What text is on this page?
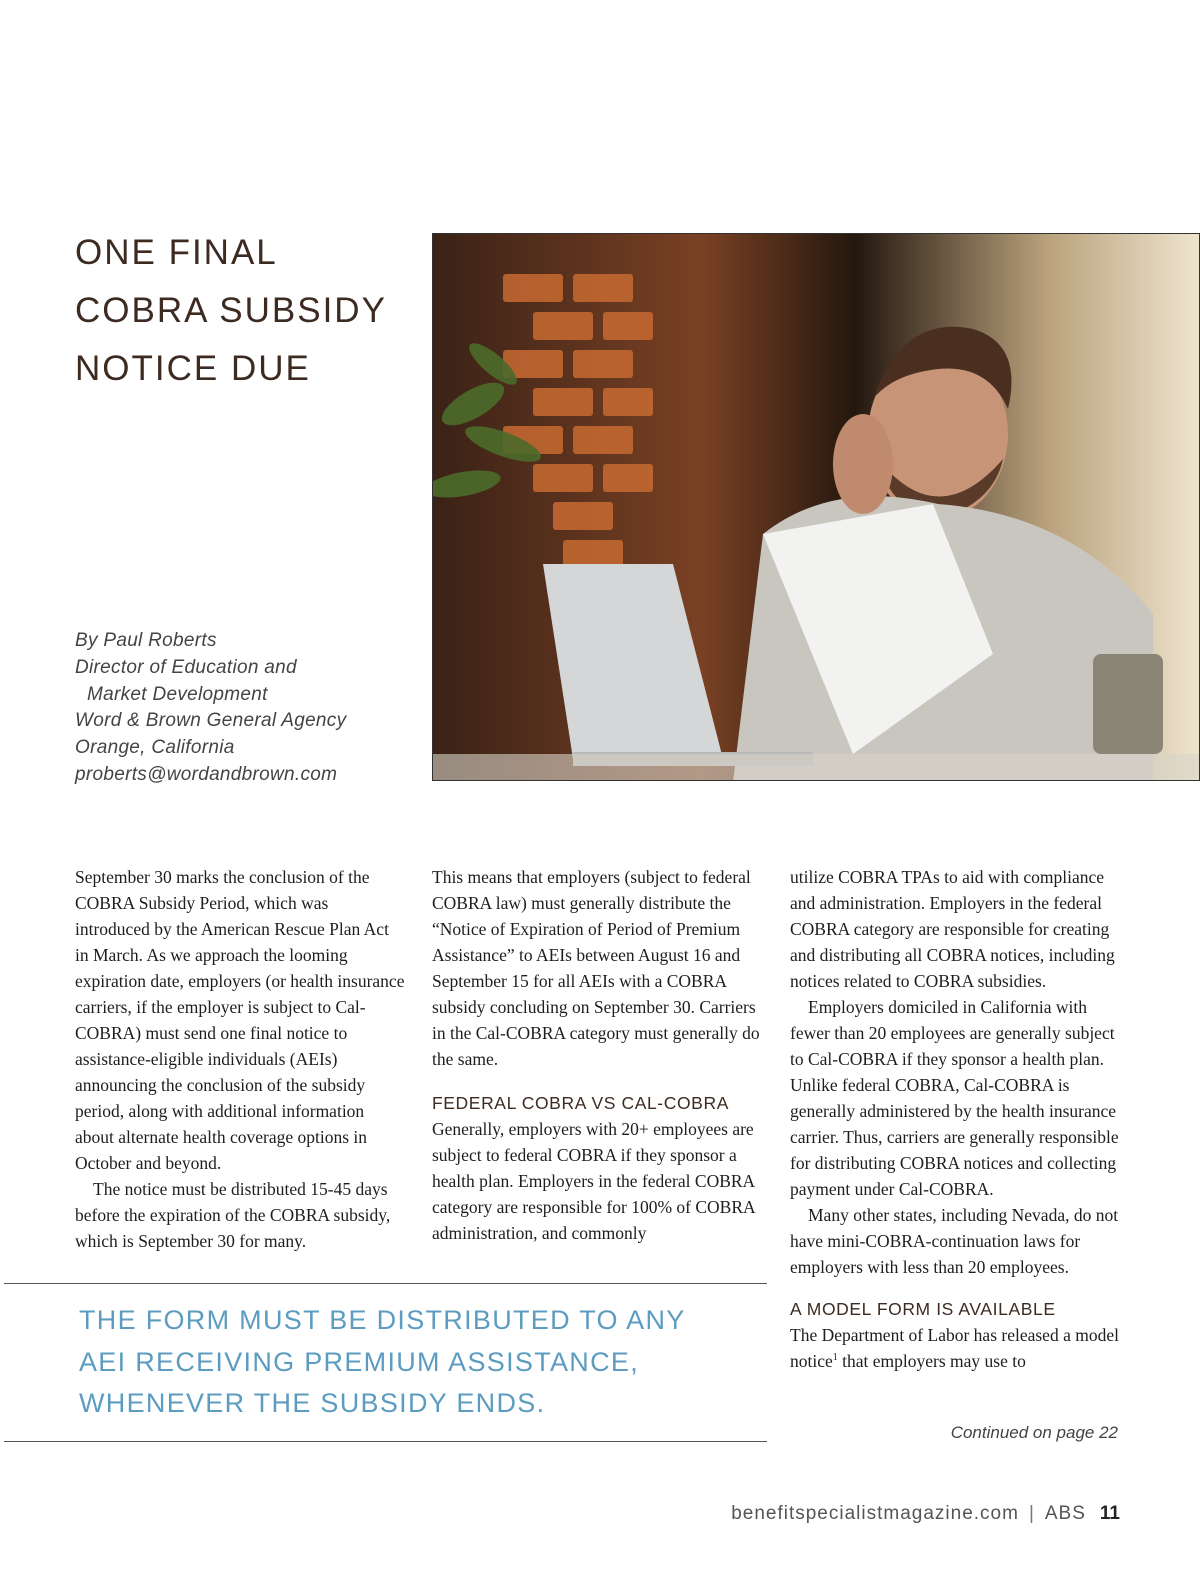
ONE FINAL
COBRA SUBSIDY
NOTICE DUE
By Paul Roberts
Director of Education and
Market Development
Word & Brown General Agency
Orange, California
proberts@wordandbrown.com

September 30 marks the conclusion of the COBRA Subsidy Period, which was introduced by the American Rescue Plan Act in March. As we approach the looming expiration date, employers (or health insurance carriers, if the employer is subject to Cal-COBRA) must send one final notice to assistance-eligible individuals (AEIs) announcing the conclusion of the subsidy period, along with additional information about alternate health coverage options in October and beyond.

The notice must be distributed 15-45 days before the expiration of the COBRA subsidy, which is September 30 for many.

This means that employers (subject to federal COBRA law) must generally distribute the “Notice of Expiration of Period of Premium Assistance” to AEIs between August 16 and September 15 for all AEIs with a COBRA subsidy concluding on September 30. Carriers in the Cal-COBRA category must generally do the same.

FEDERAL COBRA VS CAL-COBRA

Generally, employers with 20+ employees are subject to federal COBRA if they sponsor a health plan. Employers in the federal COBRA category are responsible for 100% of COBRA administration, and commonly

utilize COBRA TPAs to aid with compliance and administration. Employers in the federal COBRA category are responsible for creating and distributing all COBRA notices, including notices related to COBRA subsidies.

Employers domiciled in California with fewer than 20 employees are generally subject to Cal-COBRA if they sponsor a health plan. Unlike federal COBRA, Cal-COBRA is generally administered by the health insurance carrier. Thus, carriers are generally responsible for distributing COBRA notices and collecting payment under Cal-COBRA.

Many other states, including Nevada, do not have mini-COBRA-continuation laws for employers with less than 20 employees.

A MODEL FORM IS AVAILABLE

The Department of Labor has released a model notice$^1$ that employers may use to

THE FORM MUST BE DISTRIBUTED TO ANY
AEI RECEIVING PREMIUM ASSISTANCE,
WHENEVER THE SUBSIDY ENDS.
Continued on page 22
benefitspecialistmagazine.com | ABS 11
